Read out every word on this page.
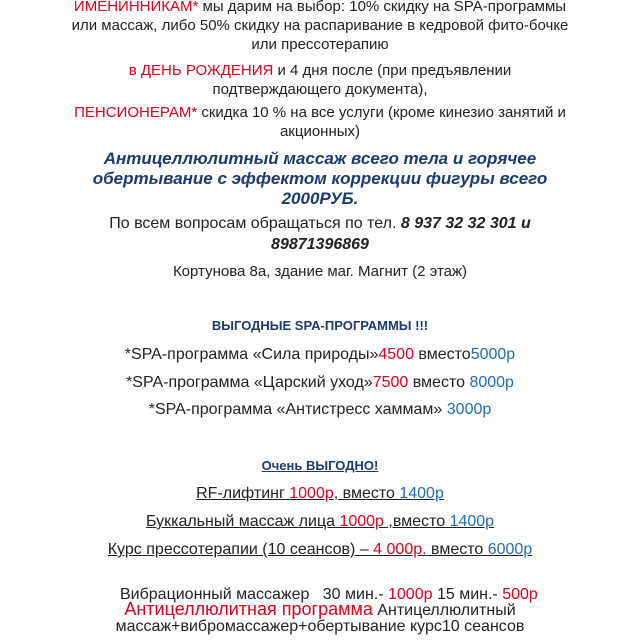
ИМЕНИННИКАМ* мы дарим на выбор: 10% скидку на SPA-программы
или массаж, либо 50% скидку на распаривание в кедровой фито-бочке
или прессотерапию
в ДЕНЬ РОЖДЕНИЯ и 4 дня после (при предъявлении
подтверждающего документа),
ПЕНСИОНЕРАМ* скидка 10 % на все услуги (кроме кинезио занятий и
акционных)
Антицеллюлитный массаж всего тела и горячее
обертывание с эффектом коррекции фигуры всего
2000РУБ.
По всем вопросам обращаться по тел. 8 937 32 32 301 и
89871396869
Кортунова 8а, здание маг. Магнит (2 этаж)
ВЫГОДНЫЕ SPA-ПРОГРАММЫ !!!
*SPA-программа «Сила природы»4500 вместо5000р
*SPA-программа «Царский уход»7500 вместо 8000р
*SPA-программа «Антистресс хаммам» 3000р
Очень ВЫГОДНО!
RF-лифтинг 1000р, вместо 1400р
Буккальный массаж лица 1000р ,вместо 1400р
Курс прессотерапии (10 сеансов) – 4 000р. вместо 6000р

Вибрационный массажер   30 мин.- 1000р 15 мин.- 500р

Антицеллюлитная программа Антицеллюлитный
массаж+вибромассажер+обертывание курс10 сеансов
